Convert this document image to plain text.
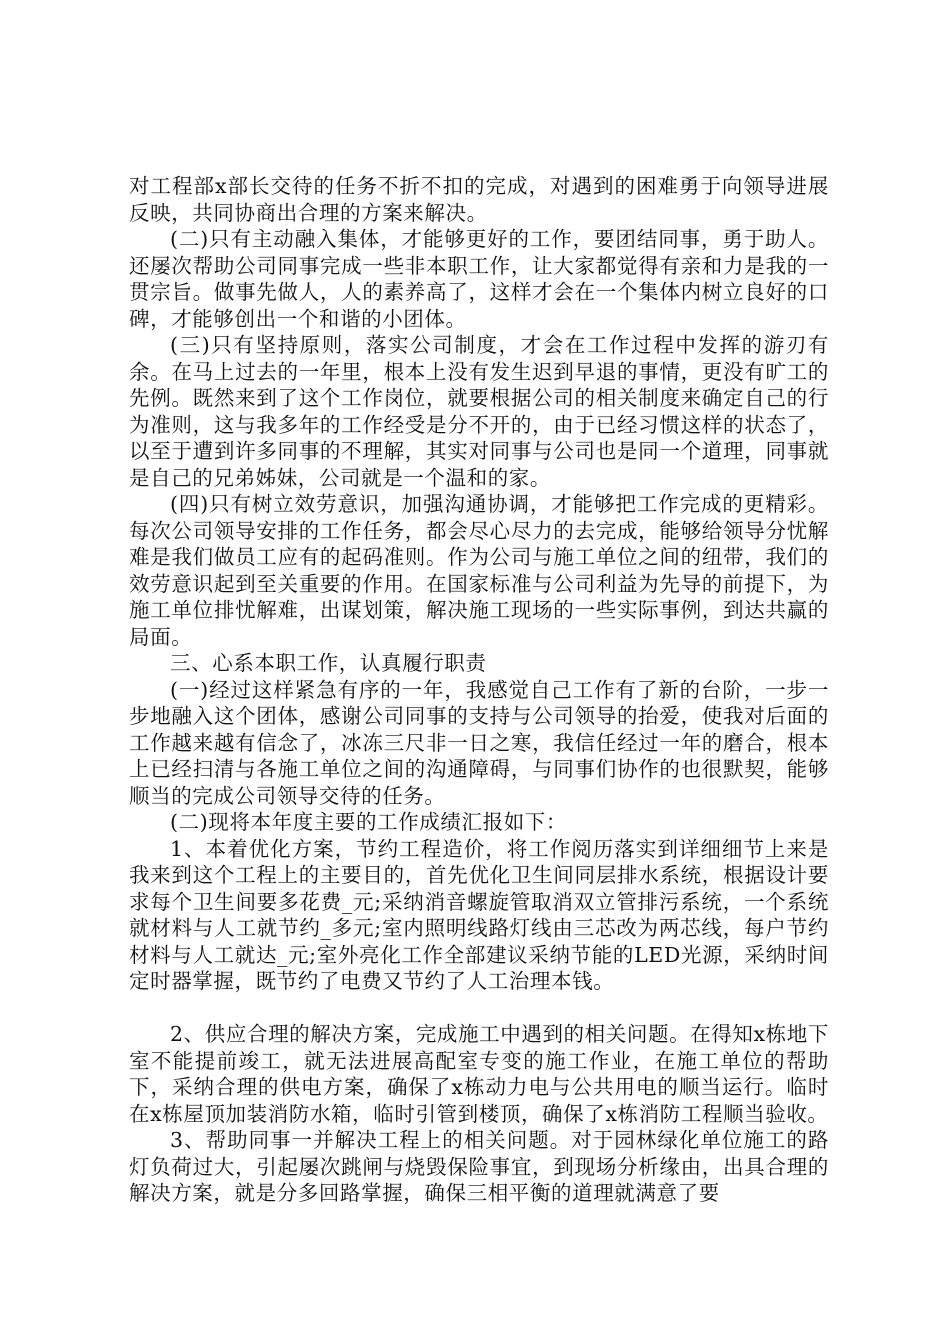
对工程部x部长交待的任务不折不扣的完成，对遇到的困难勇于向领导进展反映，共同协商出合理的方案来解决。

(二)只有主动融入集体，才能够更好的工作，要团结同事，勇于助人。还屡次帮助公司同事完成一些非本职工作，让大家都觉得有亲和力是我的一贯宗旨。做事先做人，人的素养高了，这样才会在一个集体内树立良好的口碑，才能够创出一个和谐的小团体。

(三)只有坚持原则，落实公司制度，才会在工作过程中发挥的游刃有余。在马上过去的一年里，根本上没有发生迟到早退的事情，更没有旷工的先例。既然来到了这个工作岗位，就要根据公司的相关制度来确定自己的行为准则，这与我多年的工作经受是分不开的，由于已经习惯这样的状态了，以至于遭到许多同事的不理解，其实对同事与公司也是同一个道理，同事就是自己的兄弟姊妹，公司就是一个温和的家。

(四)只有树立效劳意识，加强沟通协调，才能够把工作完成的更精彩。每次公司领导安排的工作任务，都会尽心尽力的去完成，能够给领导分忧解难是我们做员工应有的起码准则。作为公司与施工单位之间的纽带，我们的效劳意识起到至关重要的作用。在国家标准与公司利益为先导的前提下，为施工单位排忧解难，出谋划策，解决施工现场的一些实际事例，到达共赢的局面。

三、心系本职工作，认真履行职责

(一)经过这样紧急有序的一年，我感觉自己工作有了新的台阶，一步一步地融入这个团体，感谢公司同事的支持与公司领导的抬爱，使我对后面的工作越来越有信念了，冰冻三尺非一日之寒，我信任经过一年的磨合，根本上已经扫清与各施工单位之间的沟通障碍，与同事们协作的也很默契，能够顺当的完成公司领导交待的任务。

(二)现将本年度主要的工作成绩汇报如下：

1、本着优化方案，节约工程造价，将工作阅历落实到详细细节上来是我来到这个工程上的主要目的，首先优化卫生间同层排水系统，根据设计要求每个卫生间要多花费_元;采纳消音螺旋管取消双立管排污系统，一个系统就材料与人工就节约_多元;室内照明线路灯线由三芯改为两芯线，每户节约材料与人工就达_元;室外亮化工作全部建议采纳节能的LED光源，采纳时间定时器掌握，既节约了电费又节约了人工治理本钱。

2、供应合理的解决方案，完成施工中遇到的相关问题。在得知x栋地下室不能提前竣工，就无法进展高配室专变的施工作业，在施工单位的帮助下，采纳合理的供电方案，确保了x栋动力电与公共用电的顺当运行。临时在x栋屋顶加装消防水箱，临时引管到楼顶，确保了x栋消防工程顺当验收。

3、帮助同事一并解决工程上的相关问题。对于园林绿化单位施工的路灯负荷过大，引起屡次跳闸与烧毁保险事宜，到现场分析缘由，出具合理的解决方案，就是分多回路掌握，确保三相平衡的道理就满意了要
